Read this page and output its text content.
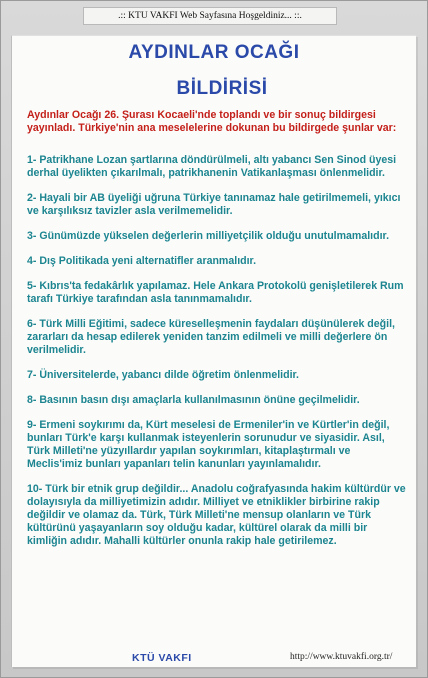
.:: KTU VAKFI Web Sayfasına Hoşgeldiniz... ::.
AYDINLAR OCAĞI
BİLDİRİSİ
Aydınlar Ocağı 26. Şurası Kocaeli'nde toplandı ve bir sonuç bildirgesi yayınladı. Türkiye'nin ana meselelerine dokunan bu bildirgede şunlar var:
1- Patrikhane Lozan şartlarına döndürülmeli, altı yabancı Sen Sinod üyesi derhal üyelikten çıkarılmalı, patrikhanenin Vatikanlaşması önlenmelidir.
2- Hayali bir AB üyeliği uğruna Türkiye tanınamaz hale getirilmemeli, yıkıcı ve karşılıksız tavizler asla verilmemelidir.
3- Günümüzde yükselen değerlerin milliyetçilik olduğu unutulmamalıdır.
4- Dış Politikada yeni alternatifler aranmalıdır.
5- Kıbrıs'ta fedakârlık yapılamaz. Hele Ankara Protokolü genişletilerek Rum tarafı Türkiye tarafından asla tanınmamalıdır.
6- Türk Milli Eğitimi, sadece küreselleşmenin faydaları düşünülerek değil, zararları da hesap edilerek yeniden tanzim edilmeli ve milli değerlere ön verilmelidir.
7- Üniversitelerde, yabancı dilde öğretim önlenmelidir.
8- Basının basın dışı amaçlarla kullanılmasının önüne geçilmelidir.
9- Ermeni soykırımı da, Kürt meselesi de Ermeniler'in ve Kürtler'in değil, bunları Türk'e karşı kullanmak isteyenlerin sorunudur ve siyasidir. Asıl, Türk Milleti'ne yüzyıllardır yapılan soykırımları, kitaplaştırmalı ve Meclis'imiz bunları yapanları telin kanunları yayınlamalıdır.
10- Türk bir etnik grup değildir... Anadolu coğrafyasında hakim kültürdür ve dolayısıyla da milliyetimizin adıdır. Milliyet ve etniklikler birbirine rakip değildir ve olamaz da. Türk, Türk Milleti'ne mensup olanların ve Türk kültürünü yaşayanların soy olduğu kadar, kültürel olarak da milli bir kimliğin adıdır. Mahalli kültürler onunla rakip hale getirilemez.
KTÜ VAKFI	http://www.ktuvakfi.org.tr/
